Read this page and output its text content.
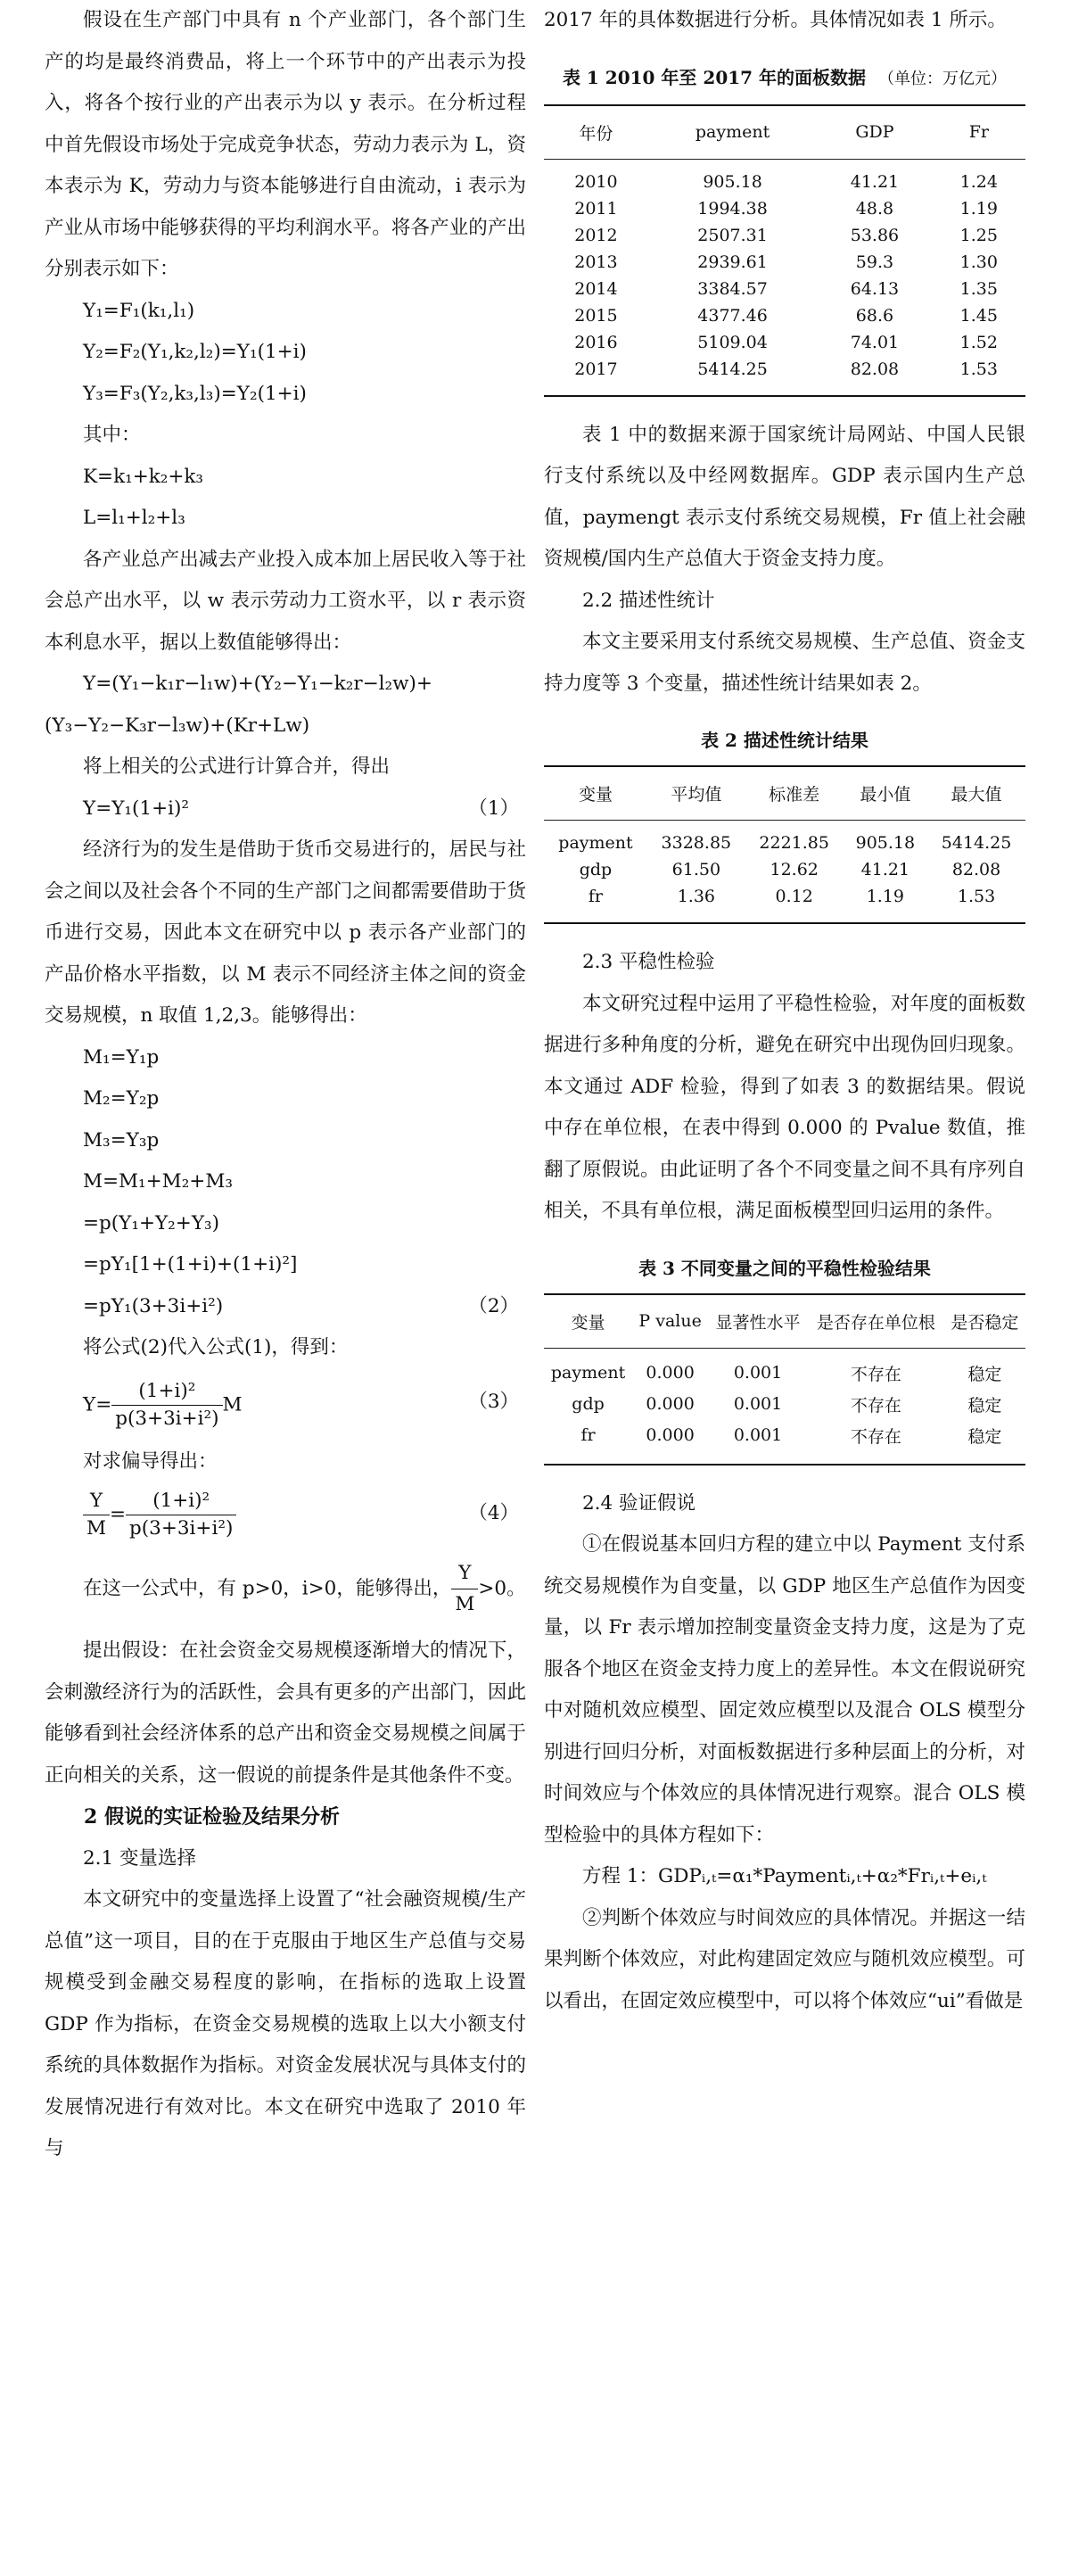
假设在生产部门中具有 n 个产业部门，各个部门生产的均是最终消费品，将上一个环节中的产出表示为投入，将各个按行业的产出表示为以 y 表示。在分析过程中首先假设市场处于完成竞争状态，劳动力表示为 L，资本表示为 K，劳动力与资本能够进行自由流动，i 表示为产业从市场中能够获得的平均利润水平。将各产业的产出分别表示如下：

Y₁=F₁(k₁,l₁)

Y₂=F₂(Y₁,k₂,l₂)=Y₁(1+i)

Y₃=F₃(Y₂,k₃,l₃)=Y₂(1+i)

其中：

K=k₁+k₂+k₃

L=l₁+l₂+l₃

各产业总产出减去产业投入成本加上居民收入等于社会总产出水平，以 w 表示劳动力工资水平，以 r 表示资本利息水平，据以上数值能够得出：

Y=(Y₁−k₁r−l₁w)+(Y₂−Y₁−k₂r−l₂w)+(Y₃−Y₂−K₃r−l₃w)+(Kr+Lw)

将上相关的公式进行计算合并，得出

Y=Y₁(1+i)²	（1）

经济行为的发生是借助于货币交易进行的，居民与社会之间以及社会各个不同的生产部门之间都需要借助于货币进行交易，因此本文在研究中以 p 表示各产业部门的产品价格水平指数，以 M 表示不同经济主体之间的资金交易规模，n 取值 1,2,3。能够得出：

M₁=Y₁p

M₂=Y₂p

M₃=Y₃p

M=M₁+M₂+M₃

=p(Y₁+Y₂+Y₃)

=pY₁[1+(1+i)+(1+i)²]

=pY₁(3+3i+i²)	（2）

将公式(2)代入公式(1)，得到：

$Y= \frac{\text{(1+i)²}}{\text{p(3+3i+i²)}}$ M	（3）

对求偏导得出：

$\frac{Y}{M} = \frac{\text{(1+i)²}}{\text{p(3+3i+i²)}}$	（4）

在这一公式中，有 p>0，i>0，能够得出， $\frac{Y}{M} >0$。

提出假设：在社会资金交易规模逐渐增大的情况下，会刺激经济行为的活跃性，会具有更多的产出部门，因此能够看到社会经济体系的总产出和资金交易规模之间属于正向相关的关系，这一假说的前提条件是其他条件不变。

2 假说的实证检验及结果分析

2.1 变量选择

本文研究中的变量选择上设置了“社会融资规模/生产总值”这一项目，目的在于克服由于地区生产总值与交易规模受到金融交易程度的影响，在指标的选取上设置 GDP 作为指标，在资金交易规模的选取上以大小额支付系统的具体数据作为指标。对资金发展状况与具体支付的发展情况进行有效对比。本文在研究中选取了 2010 年与

2017 年的具体数据进行分析。具体情况如表 1 所示。

表 1 2010 年至 2017 年的面板数据 （单位：万亿元）

年份	payment	GDP	Fr
2010	905.18	41.21	1.24
2011	1994.38	48.8	1.19
2012	2507.31	53.86	1.25
2013	2939.61	59.3	1.30
2014	3384.57	64.13	1.35
2015	4377.46	68.6	1.45
2016	5109.04	74.01	1.52
2017	5414.25	82.08	1.53

表 1 中的数据来源于国家统计局网站、中国人民银行支付系统以及中经网数据库。GDP 表示国内生产总值，paymengt 表示支付系统交易规模，Fr 值上社会融资规模/国内生产总值大于资金支持力度。

2.2 描述性统计

本文主要采用支付系统交易规模、生产总值、资金支持力度等 3 个变量，描述性统计结果如表 2。

表 2 描述性统计结果

变量	平均值	标准差	最小值	最大值
payment	3328.85	2221.85	905.18	5414.25
gdp	61.50	12.62	41.21	82.08
fr	1.36	0.12	1.19	1.53

2.3 平稳性检验

本文研究过程中运用了平稳性检验，对年度的面板数据进行多种角度的分析，避免在研究中出现伪回归现象。本文通过 ADF 检验，得到了如表 3 的数据结果。假说中存在单位根，在表中得到 0.000 的 Pvalue 数值，推翻了原假说。由此证明了各个不同变量之间不具有序列自相关，不具有单位根，满足面板模型回归运用的条件。

表 3 不同变量之间的平稳性检验结果

变量	P value	显著性水平	是否存在单位根	是否稳定
payment	0.000	0.001	不存在	稳定
gdp	0.000	0.001	不存在	稳定
fr	0.000	0.001	不存在	稳定

2.4 验证假说

①在假说基本回归方程的建立中以 Payment 支付系统交易规模作为自变量，以 GDP 地区生产总值作为因变量，以 Fr 表示增加控制变量资金支持力度，这是为了克服各个地区在资金支持力度上的差异性。本文在假说研究中对随机效应模型、固定效应模型以及混合 OLS 模型分别进行回归分析，对面板数据进行多种层面上的分析，对时间效应与个体效应的具体情况进行观察。混合 OLS 模型检验中的具体方程如下：

方程 1：GDPᵢ,ₜ=α₁*Paymentᵢ,ₜ+α₂*Frᵢ,ₜ+eᵢ,ₜ

②判断个体效应与时间效应的具体情况。并据这一结果判断个体效应，对此构建固定效应与随机效应模型。可以看出，在固定效应模型中，可以将个体效应“ui”看做是
